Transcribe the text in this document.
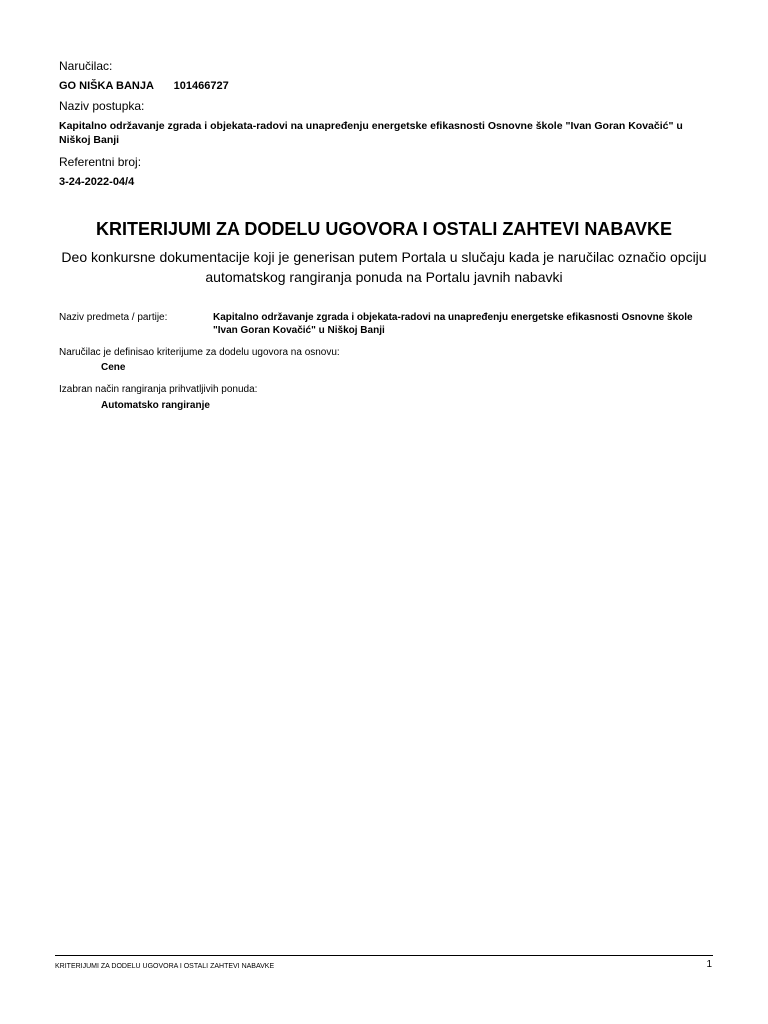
Naručilac:
GO NIŠKA BANJA 101466727
Naziv postupka:
Kapitalno održavanje zgrada i objekata-radovi na unapređenju energetske efikasnosti Osnovne škole "Ivan Goran Kovačić" u Niškoj Banji
Referentni broj:
3-24-2022-04/4
KRITERIJUMI ZA DODELU UGOVORA I OSTALI ZAHTEVI NABAVKE
Deo konkursne dokumentacije koji je generisan putem Portala u slučaju kada je naručilac označio opciju automatskog rangiranja ponuda na Portalu javnih nabavki
Naziv predmeta / partije:	Kapitalno održavanje zgrada i objekata-radovi na unapređenju energetske efikasnosti Osnovne škole "Ivan Goran Kovačić" u Niškoj Banji
Naručilac je definisao kriterijume za dodelu ugovora na osnovu:
Cene
Izabran način rangiranja prihvatljivih ponuda:
Automatsko rangiranje
KRITERIJUMI ZA DODELU UGOVORA I OSTALI ZAHTEVI NABAVKE	1
